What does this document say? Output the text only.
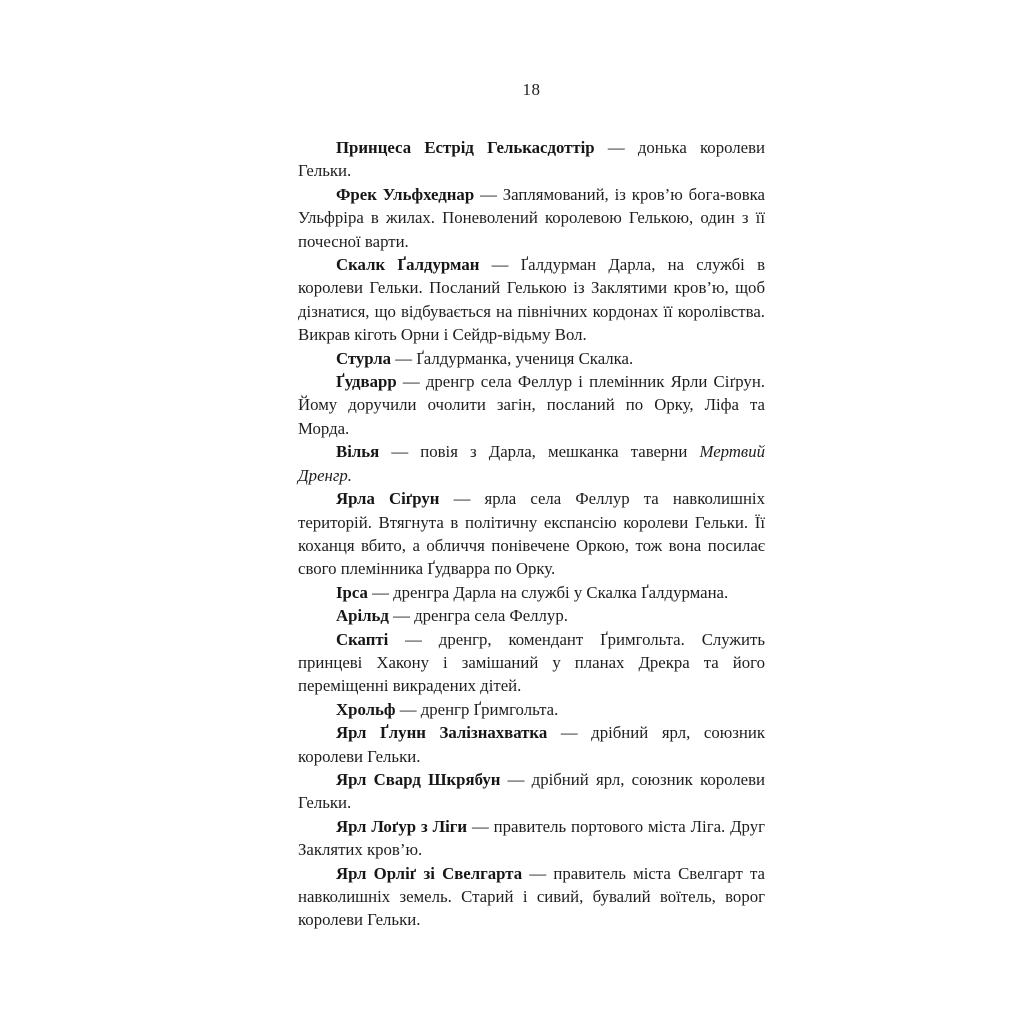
18

Принцеса Естрід Гелькасдоттір — донька королеви Гельки.

Фрек Ульфхеднар — Заплямований, із кров’ю бога-вовка Ульфріра в жилах. Поневолений королевою Гелькою, один з її почесної варти.

Скалк Ґалдурман — Ґалдурман Дарла, на службі в королеви Гельки. Посланий Гелькою із Заклятими кров’ю, щоб дізнатися, що відбувається на північних кордонах її королівства. Викрав кіготь Орни і Сейдр-відьму Вол.

Стурла — Ґалдурманка, учениця Скалка.

Ґудварр — дренгр села Феллур і племінник Ярли Сіґрун. Йому доручили очолити загін, посланий по Орку, Ліфа та Морда.

Вілья — повія з Дарла, мешканка таверни Мертвий Дренгр.

Ярла Сіґрун — ярла села Феллур та навколишніх територій. Втягнута в політичну експансію королеви Гельки. Її коханця вбито, а обличчя понівечене Оркою, тож вона посилає свого племінника Ґудварра по Орку.

Ірса — дренгра Дарла на службі у Скалка Ґалдурмана.

Арільд — дренгра села Феллур.

Скапті — дренгр, комендант Ґримгольта. Служить принцеві Хакону і замішаний у планах Дрекра та його переміщенні викрадених дітей.

Хрольф — дренгр Ґримгольта.

Ярл Ґлунн Залізнахватка — дрібний ярл, союзник королеви Гельки.

Ярл Свард Шкрябун — дрібний ярл, союзник королеви Гельки.

Ярл Лоґур з Ліги — правитель портового міста Ліга. Друг Заклятих кров’ю.

Ярл Орліґ зі Свелгарта — правитель міста Свелгарт та навколишніх земель. Старий і сивий, бувалий воїтель, ворог королеви Гельки.
